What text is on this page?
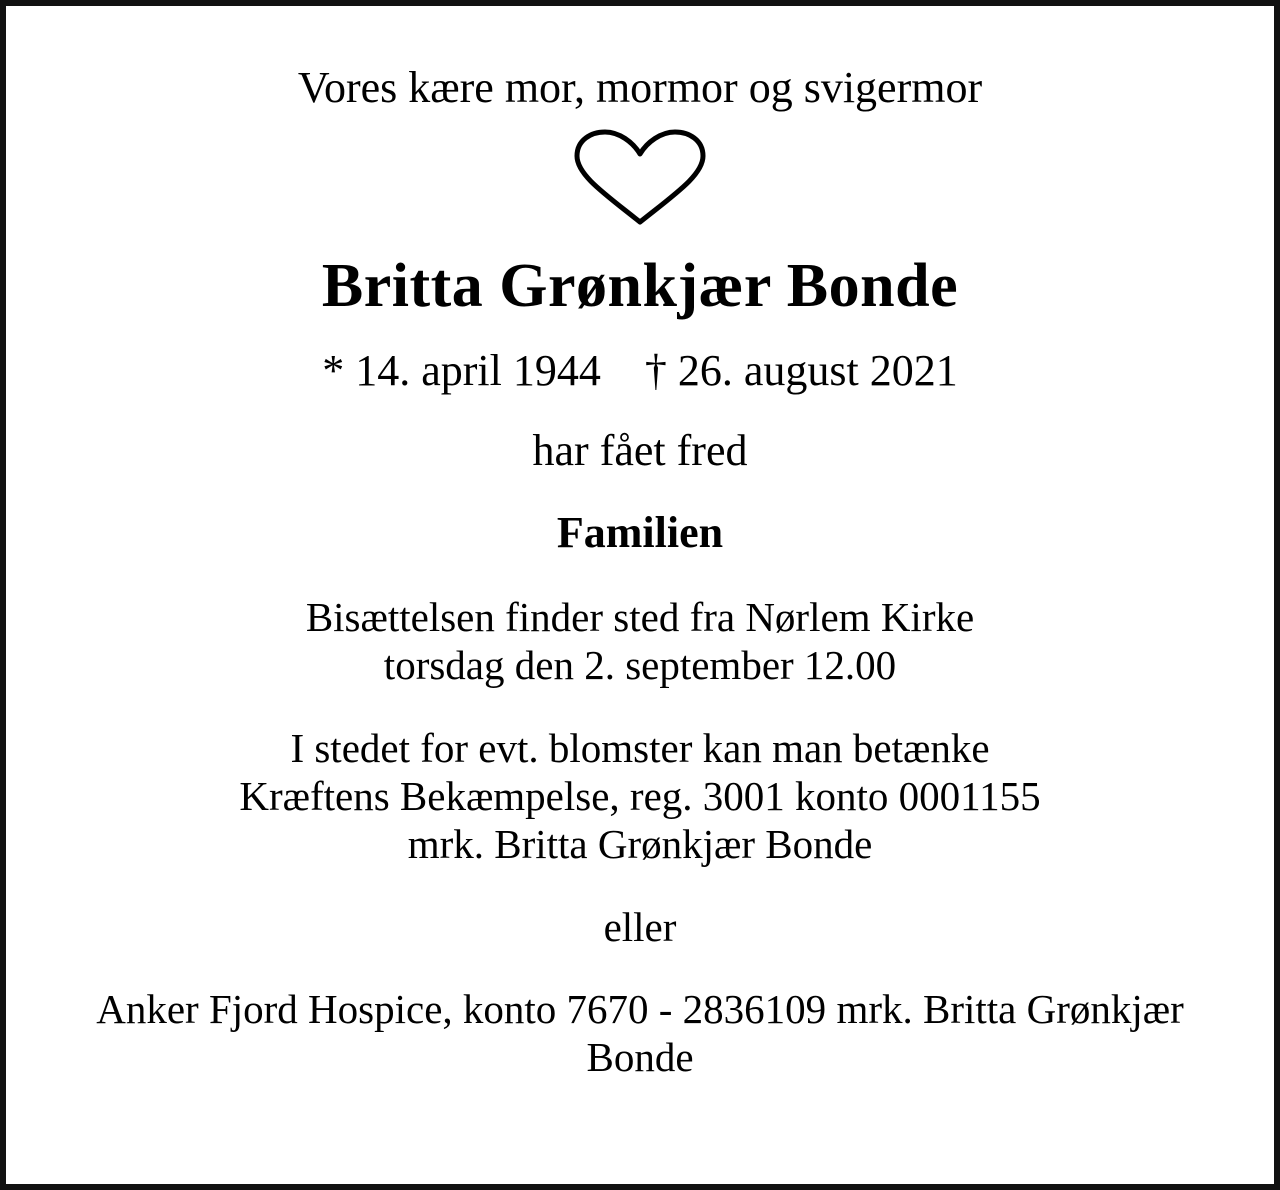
Vores kære mor, mormor og svigermor
Britta Grønkjær Bonde
* 14. april 1944    † 26. august 2021
har fået fred
Familien
Bisættelsen finder sted fra Nørlem Kirke
torsdag den 2. september 12.00
I stedet for evt. blomster kan man betænke
Kræftens Bekæmpelse, reg. 3001 konto 0001155
mrk. Britta Grønkjær Bonde
eller
Anker Fjord Hospice, konto 7670 - 2836109 mrk. Britta Grønkjær Bonde
